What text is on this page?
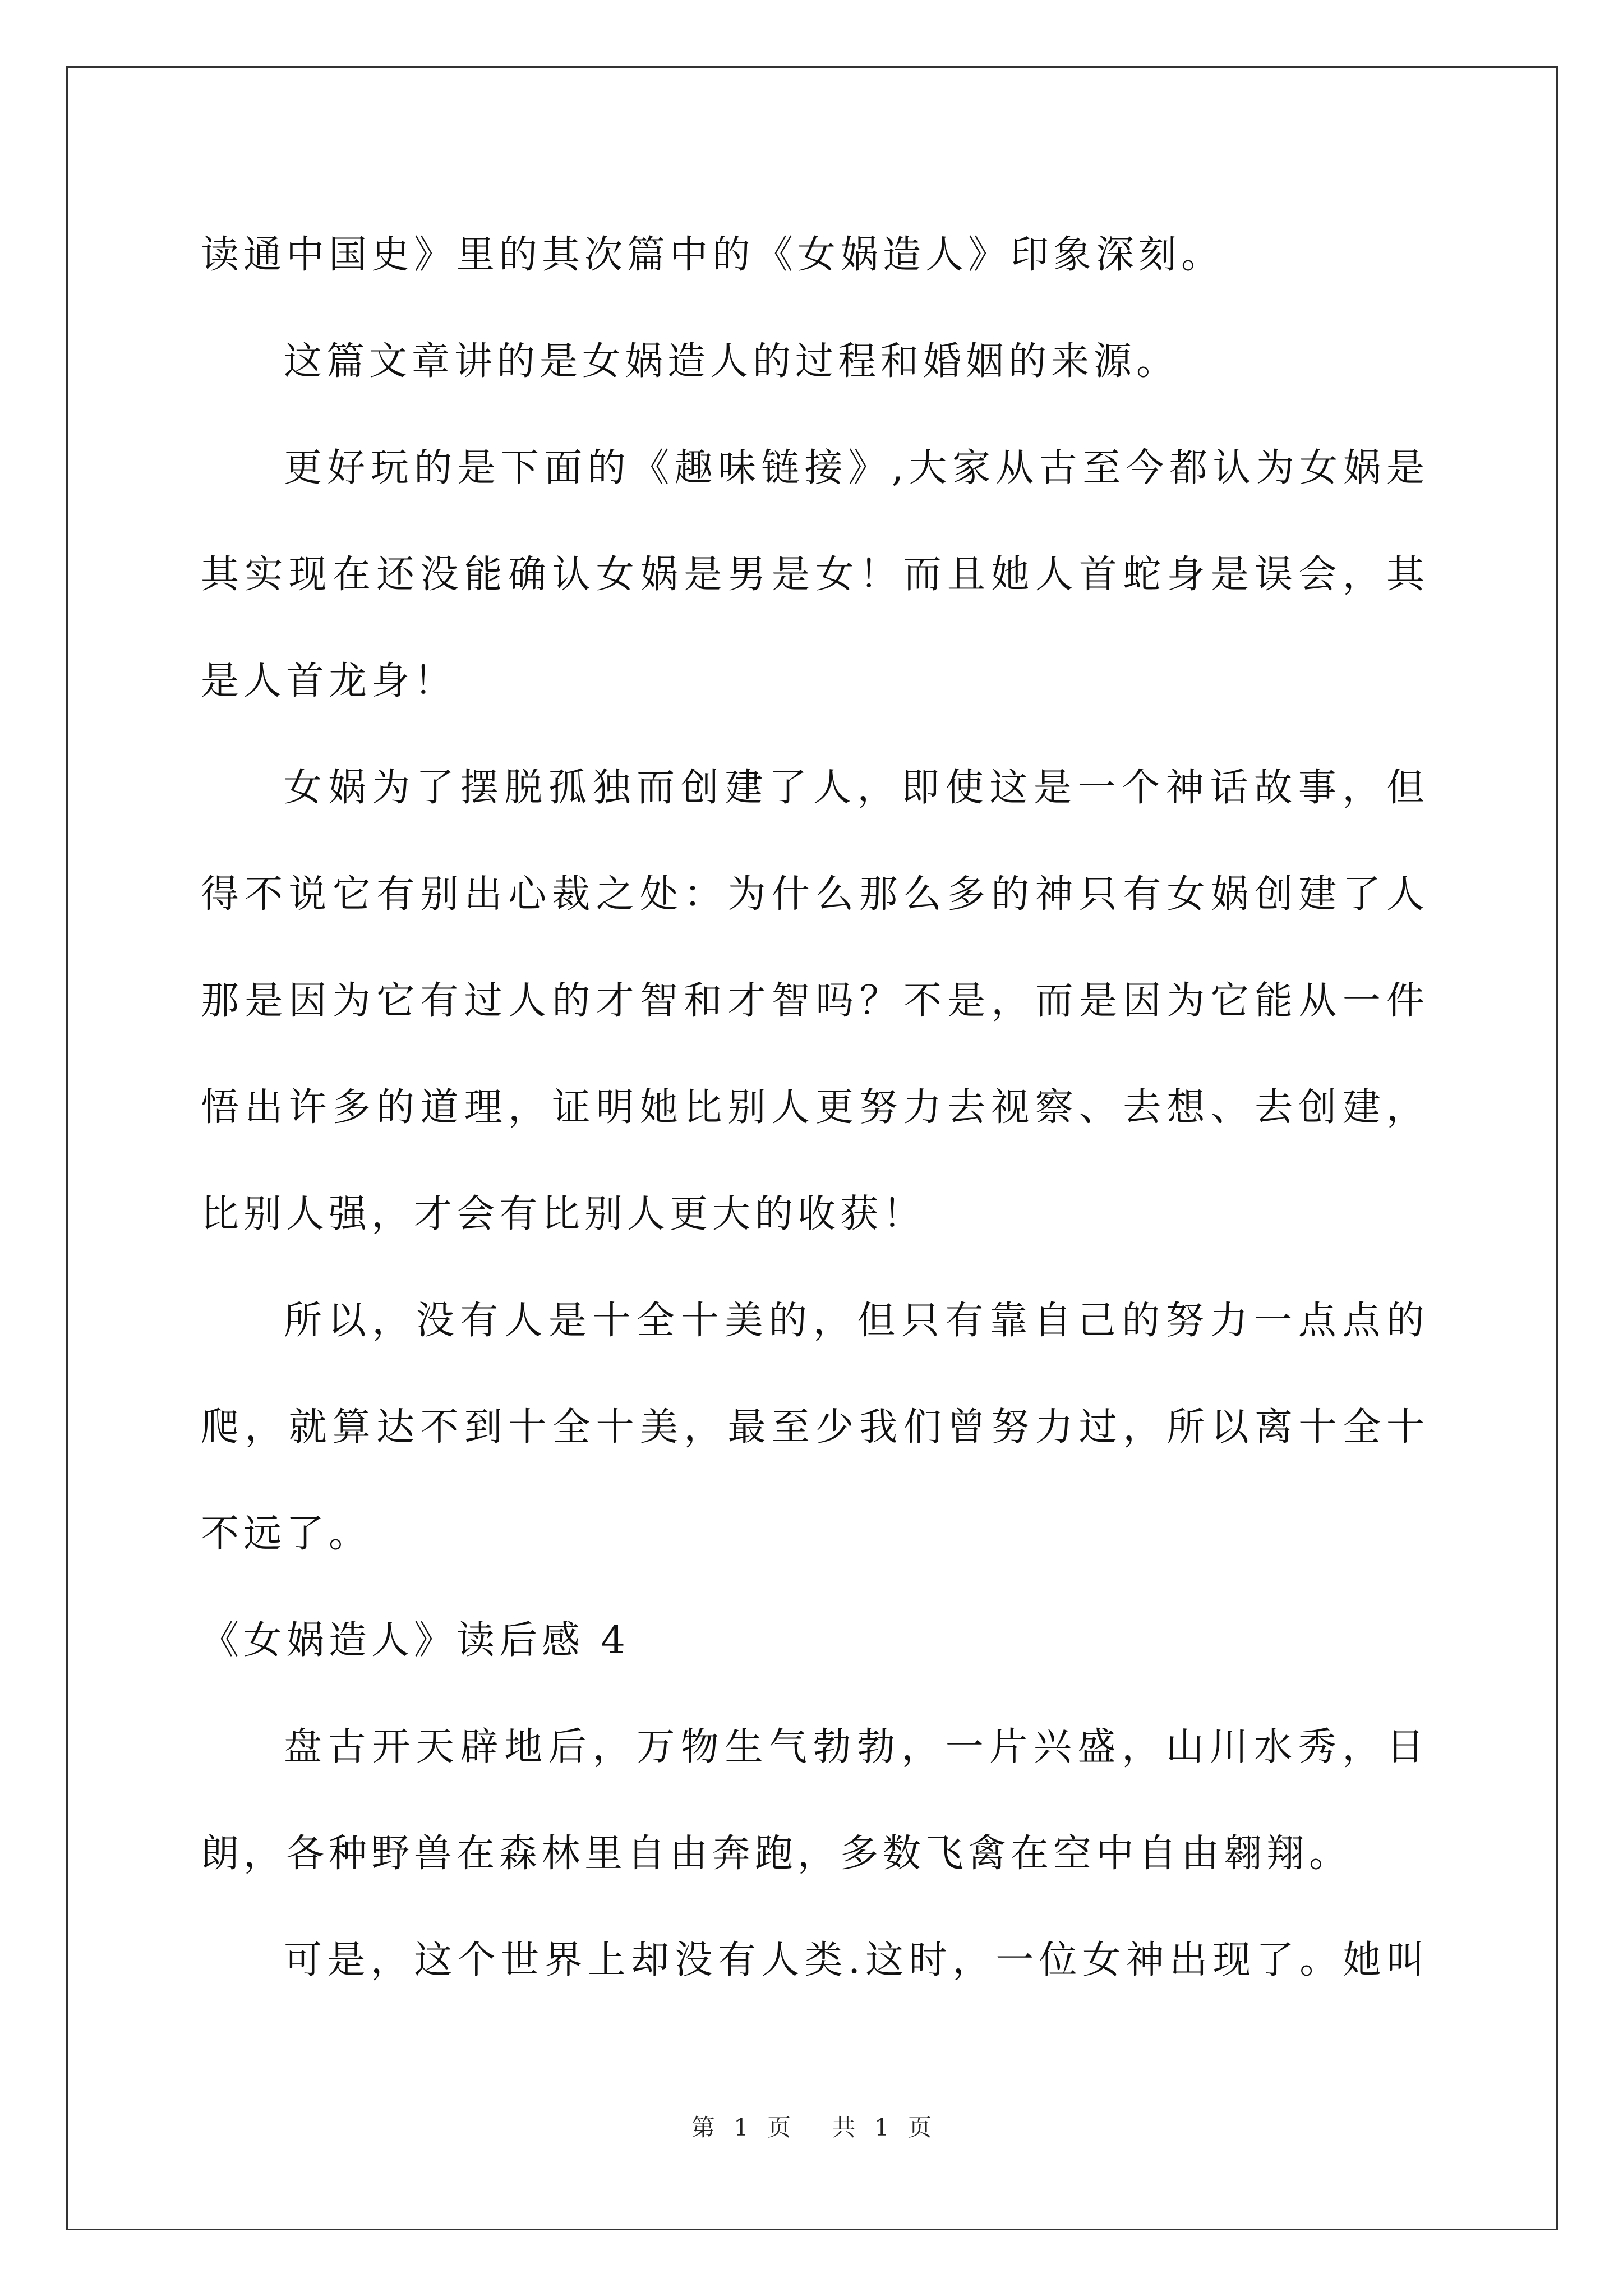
读通中国史》里的其次篇中的《女娲造人》印象深刻。
这篇文章讲的是女娲造人的过程和婚姻的来源。
更好玩的是下面的《趣味链接》,大家从古至今都认为女娲是
其实现在还没能确认女娲是男是女！而且她人首蛇身是误会，其
是人首龙身！
女娲为了摆脱孤独而创建了人，即使这是一个神话故事，但
得不说它有别出心裁之处：为什么那么多的神只有女娲创建了人
那是因为它有过人的才智和才智吗？不是，而是因为它能从一件
悟出许多的道理，证明她比别人更努力去视察、去想、去创建，
比别人强，才会有比别人更大的收获！
所以，没有人是十全十美的，但只有靠自己的努力一点点的
爬，就算达不到十全十美，最至少我们曾努力过，所以离十全十
不远了。
《女娲造人》读后感 4
盘古开天辟地后，万物生气勃勃，一片兴盛，山川水秀，日
朗，各种野兽在森林里自由奔跑，多数飞禽在空中自由翱翔。
可是，这个世界上却没有人类.这时，一位女神出现了。她叫
第 1 页 共 1 页
